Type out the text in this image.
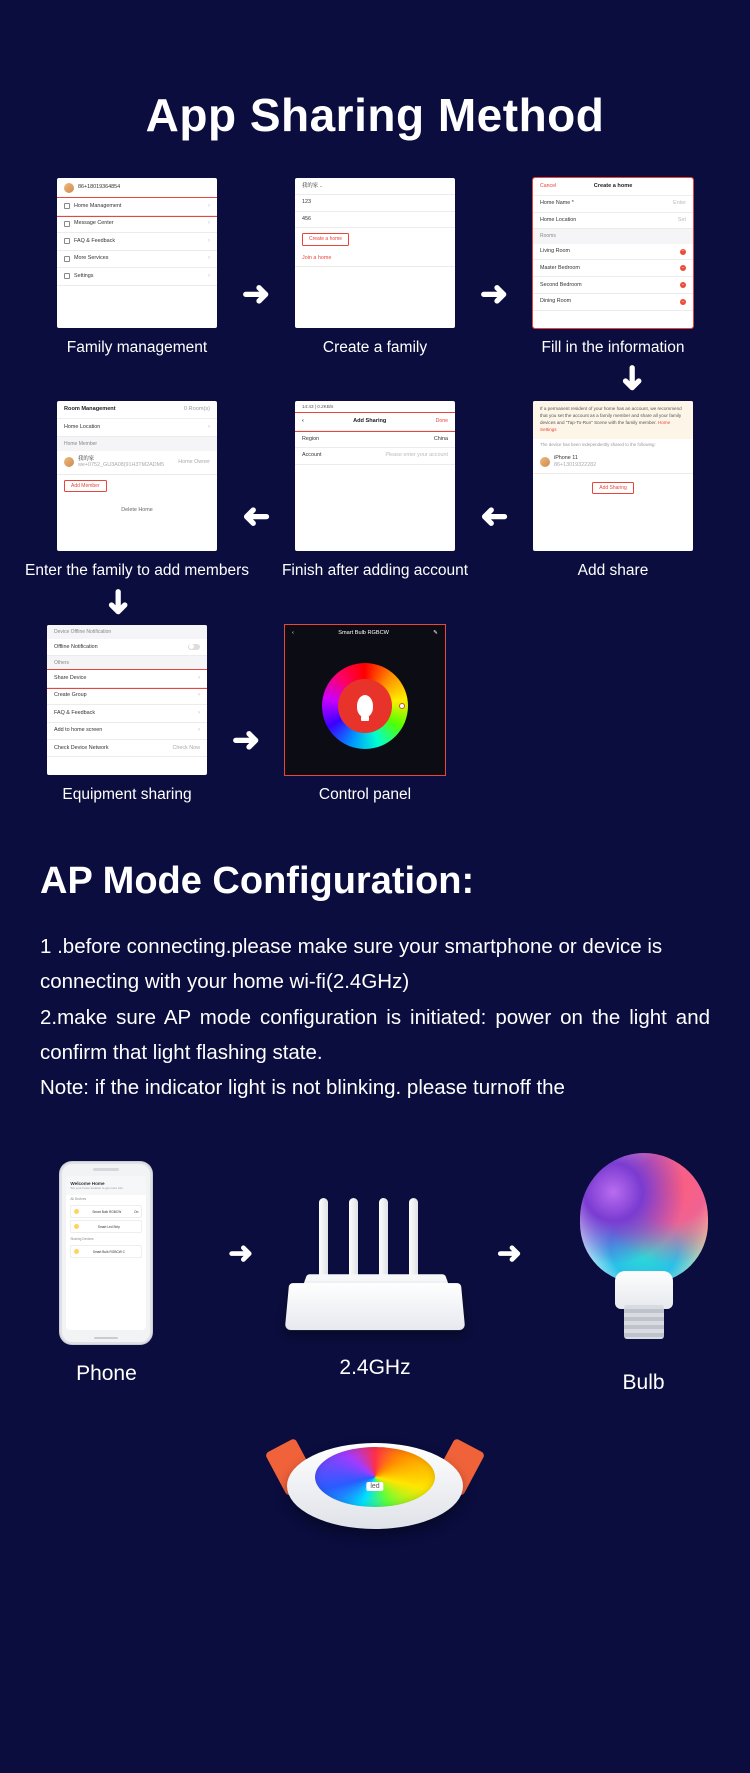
App Sharing Method
86+18019364854
Home Management	›
Message Center	›
FAQ & Feedback	›
More Services	›
Settings	›
Family management
➜
我的家 ..
123
456
Create a home
Join a home
Create a family
➜
Cancel	Create a home
Home Name *	Enter
Home Location	Set
Rooms
Living Room	−
Master Bedroom	−
Second Bedroom	−
Dining Room	−
Fill in the information
➜
Room Management	0 Room(s)
Home Location	›
Home Member
我的家
we+0752_GU3A08(91H3TM2ADM5
Home Owner
Add Member
Delete Home
Enter the family to add members
➜
14:43 | 0.2KB/s
‹	Add Sharing	Done
Region	China
Account	Please enter your account
Finish after adding account
➜
If a permanent resident of your home has an account, we recommend that you set the account as a family member and share all your family devices and "Tap-To-Run" Scene with the family member. Home Settings
The device has been independently shared to the following:
iPhone 11
86+13019322282
Add Sharing
Add share
➜
Device Offline Notification
Offline Notification
Others
Share Device	›
Create Group	›
FAQ & Feedback	›
Add to home screen	›
Check Device Network	Check Now
Equipment sharing
➜
‹	Smart Bulb RGBCW	✎
Control panel
AP Mode Configuration:

1 .before connecting.please make sure your smartphone or device is connecting with your home wi-fi(2.4GHz)

2.make sure AP mode configuration is initiated: power on the light and confirm that light flashing state.

Note: if the indicator light is not blinking. please turnoff the

Welcome Home
Set your home location to get more info
All Devices
Smart Bulb RGBCW	On
Smart Led Strip
Sharing Devices
Smart Bulb RGBCW C
Phone
➜
2.4GHz
➜
Bulb
led
